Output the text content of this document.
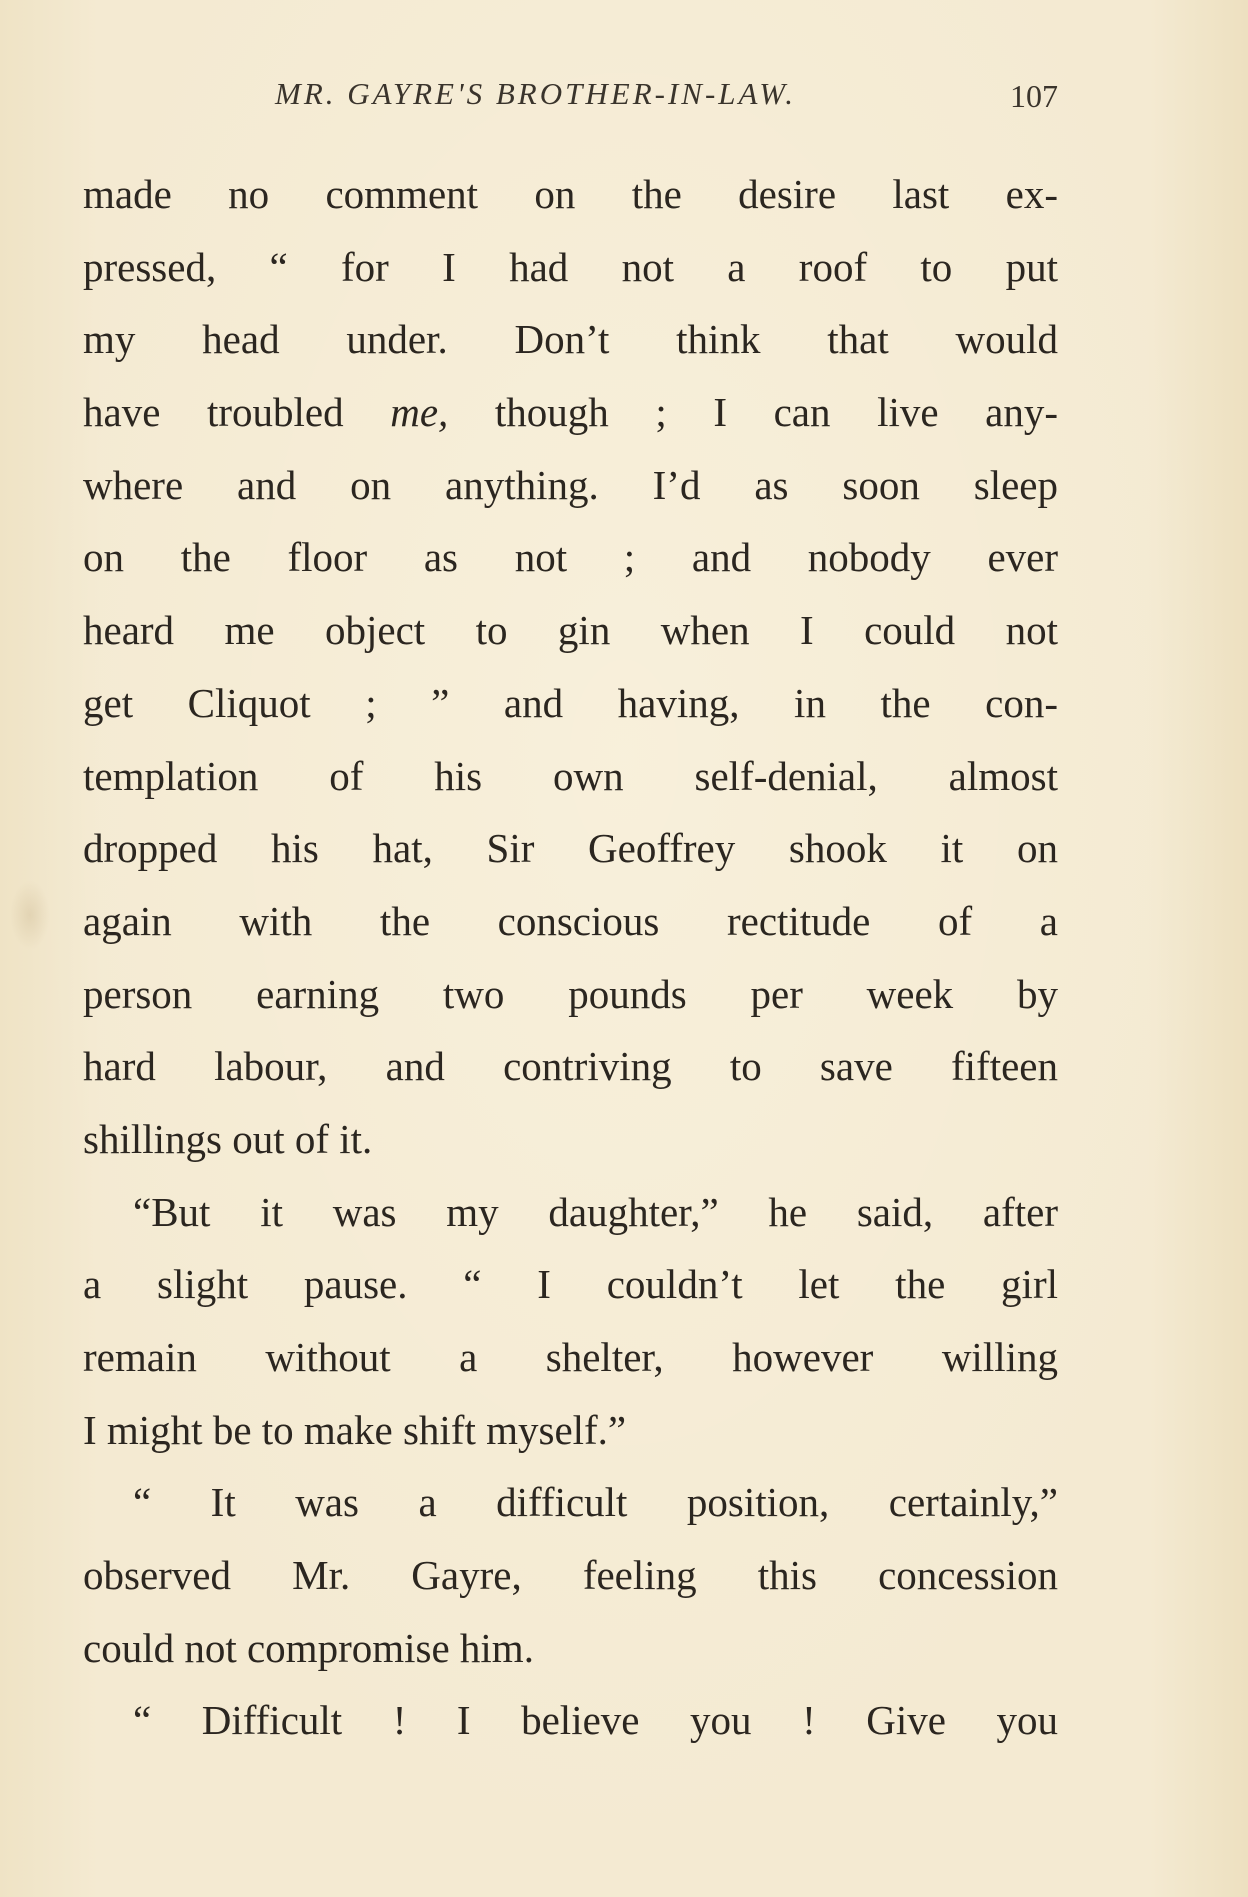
MR. GAYRE'S BROTHER-IN-LAW.	107
made no comment on the desire last ex-
pressed, “ for I had not a roof to put
my head under. Don’t think that would
have troubled me, though ; I can live any-
where and on anything. I’d as soon sleep
on the floor as not ; and nobody ever
heard me object to gin when I could not
get Cliquot ; ” and having, in the con-
templation of his own self-denial, almost
dropped his hat, Sir Geoffrey shook it on
again with the conscious rectitude of a
person earning two pounds per week by
hard labour, and contriving to save fifteen
shillings out of it.
“But it was my daughter,” he said, after
a slight pause. “ I couldn’t let the girl
remain without a shelter, however willing
I might be to make shift myself.”
“ It was a difficult position, certainly,”
observed Mr. Gayre, feeling this concession
could not compromise him.
“ Difficult ! I believe you ! Give you
